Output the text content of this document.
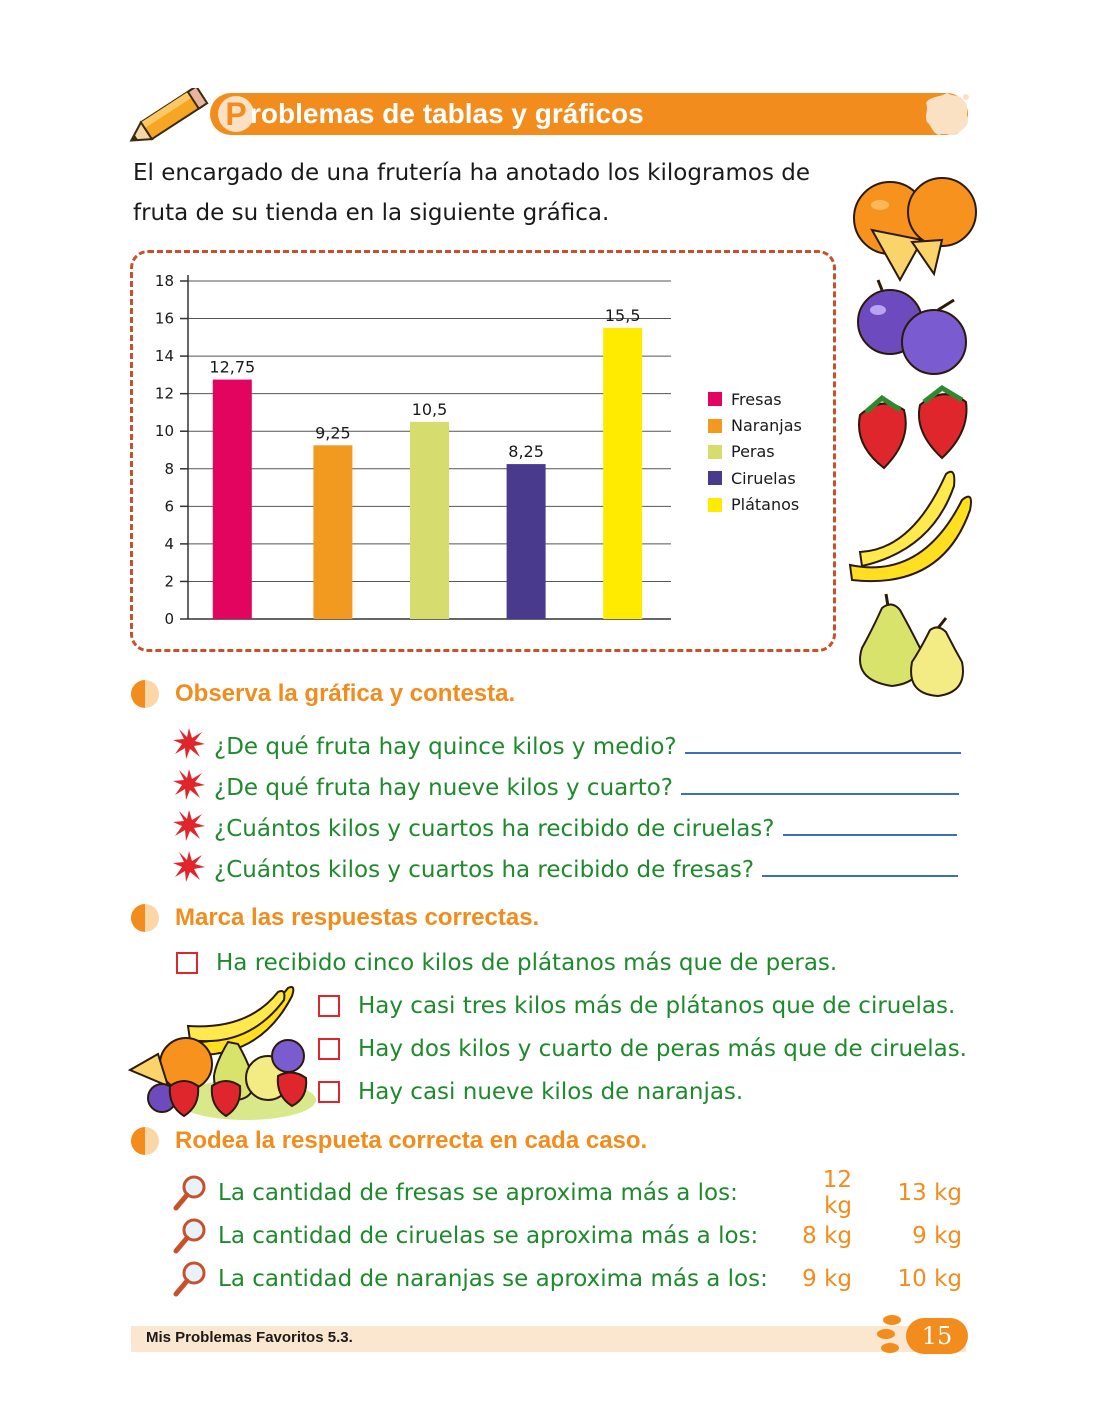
P roblemas de tablas y gráficos

El encargado de una frutería ha anotado los kilogramos de fruta de su tienda en la siguiente gráfica.

0
2
4
6
8
10
12
14
16
18
12,75
9,25
10,5
8,25
15,5
Fresas
Naranjas
Peras
Ciruelas
Plátanos
Observa la gráfica y contesta.
¿De qué fruta hay quince kilos y medio?
¿De qué fruta hay nueve kilos y cuarto?
¿Cuántos kilos y cuartos ha recibido de ciruelas?
¿Cuántos kilos y cuartos ha recibido de fresas?
Marca las respuestas correctas.
Ha recibido cinco kilos de plátanos más que de peras.
Hay casi tres kilos más de plátanos que de ciruelas.
Hay dos kilos y cuarto de peras más que de ciruelas.
Hay casi nueve kilos de naranjas.
Rodea la respueta correcta en cada caso.
La cantidad de fresas se aproxima más a los:	12 kg	13 kg
La cantidad de ciruelas se aproxima más a los:	8 kg	9 kg
La cantidad de naranjas se aproxima más a los:	9 kg	10 kg
Mis Problemas Favoritos 5.3.	15
